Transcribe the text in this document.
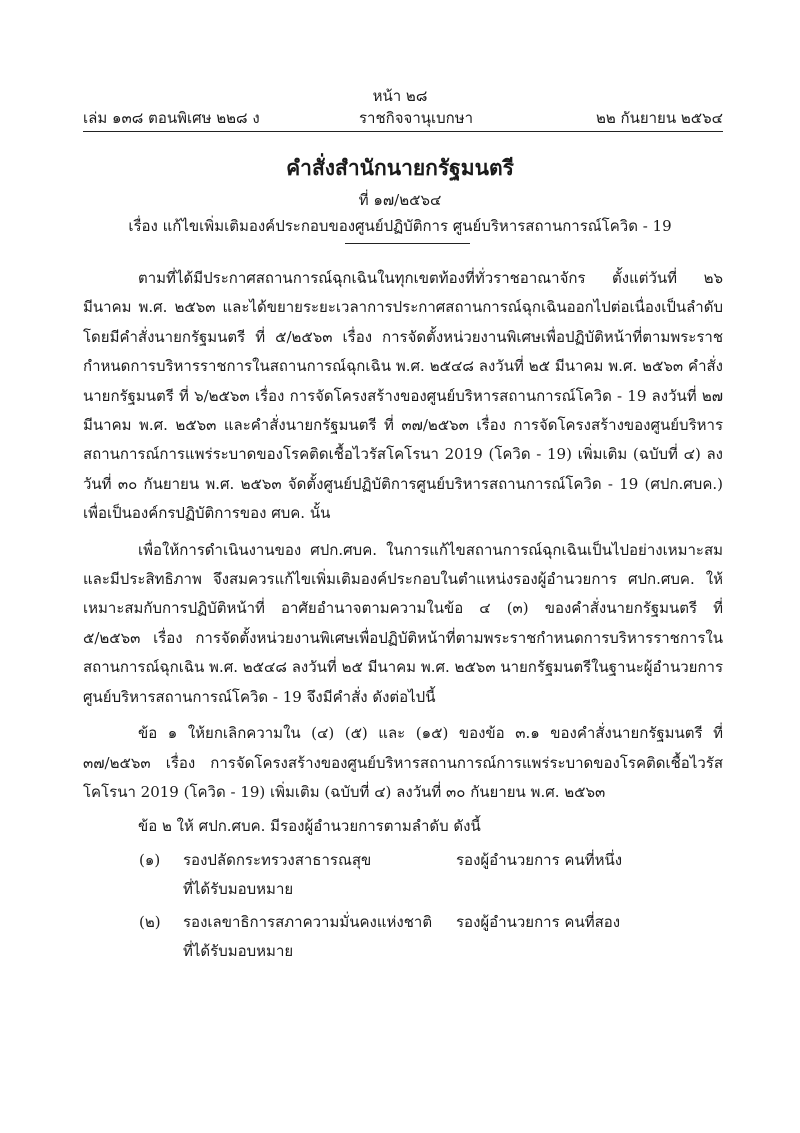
หน้า ๒๘
เล่ม ๑๓๘ ตอนพิเศษ ๒๒๘ ง	ราชกิจจานุเบกษา	๒๒ กันยายน ๒๕๖๔
คำสั่งสำนักนายกรัฐมนตรี
ที่ ๑๗/๒๕๖๔
เรื่อง แก้ไขเพิ่มเติมองค์ประกอบของศูนย์ปฏิบัติการ ศูนย์บริหารสถานการณ์โควิด - 19

ตามที่ได้มีประกาศสถานการณ์ฉุกเฉินในทุกเขตท้องที่ทั่วราชอาณาจักร ตั้งแต่วันที่ ๒๖ มีนาคม พ.ศ. ๒๕๖๓ และได้ขยายระยะเวลาการประกาศสถานการณ์ฉุกเฉินออกไปต่อเนื่องเป็นลำดับ โดยมีคำสั่งนายกรัฐมนตรี ที่ ๕/๒๕๖๓ เรื่อง การจัดตั้งหน่วยงานพิเศษเพื่อปฏิบัติหน้าที่ตามพระราชกำหนดการบริหารราชการในสถานการณ์ฉุกเฉิน พ.ศ. ๒๕๔๘ ลงวันที่ ๒๕ มีนาคม พ.ศ. ๒๕๖๓ คำสั่งนายกรัฐมนตรี ที่ ๖/๒๕๖๓ เรื่อง การจัดโครงสร้างของศูนย์บริหารสถานการณ์โควิด - 19 ลงวันที่ ๒๗ มีนาคม พ.ศ. ๒๕๖๓ และคำสั่งนายกรัฐมนตรี ที่ ๓๗/๒๕๖๓ เรื่อง การจัดโครงสร้างของศูนย์บริหารสถานการณ์การแพร่ระบาดของโรคติดเชื้อไวรัสโคโรนา 2019 (โควิด - 19) เพิ่มเติม (ฉบับที่ ๔) ลงวันที่ ๓๐ กันยายน พ.ศ. ๒๕๖๓ จัดตั้งศูนย์ปฏิบัติการศูนย์บริหารสถานการณ์โควิด - 19 (ศปก.ศบค.) เพื่อเป็นองค์กรปฏิบัติการของ ศบค. นั้น

เพื่อให้การดำเนินงานของ ศปก.ศบค. ในการแก้ไขสถานการณ์ฉุกเฉินเป็นไปอย่างเหมาะสมและมีประสิทธิภาพ จึงสมควรแก้ไขเพิ่มเติมองค์ประกอบในตำแหน่งรองผู้อำนวยการ ศปก.ศบค. ให้เหมาะสมกับการปฏิบัติหน้าที่ อาศัยอำนาจตามความในข้อ ๔ (๓) ของคำสั่งนายกรัฐมนตรี ที่ ๕/๒๕๖๓ เรื่อง การจัดตั้งหน่วยงานพิเศษเพื่อปฏิบัติหน้าที่ตามพระราชกำหนดการบริหารราชการในสถานการณ์ฉุกเฉิน พ.ศ. ๒๕๔๘ ลงวันที่ ๒๕ มีนาคม พ.ศ. ๒๕๖๓ นายกรัฐมนตรีในฐานะผู้อำนวยการศูนย์บริหารสถานการณ์โควิด - 19 จึงมีคำสั่ง ดังต่อไปนี้

ข้อ ๑ ให้ยกเลิกความใน (๔) (๕) และ (๑๕) ของข้อ ๓.๑ ของคำสั่งนายกรัฐมนตรี ที่ ๓๗/๒๕๖๓ เรื่อง การจัดโครงสร้างของศูนย์บริหารสถานการณ์การแพร่ระบาดของโรคติดเชื้อไวรัสโคโรนา 2019 (โควิด - 19) เพิ่มเติม (ฉบับที่ ๔) ลงวันที่ ๓๐ กันยายน พ.ศ. ๒๕๖๓

ข้อ ๒ ให้ ศปก.ศบค. มีรองผู้อำนวยการตามลำดับ ดังนี้
(๑) รองปลัดกระทรวงสาธารณสุข
ที่ได้รับมอบหมาย
รองผู้อำนวยการ คนที่หนึ่ง
(๒) รองเลขาธิการสภาความมั่นคงแห่งชาติ
ที่ได้รับมอบหมาย
รองผู้อำนวยการ คนที่สอง
